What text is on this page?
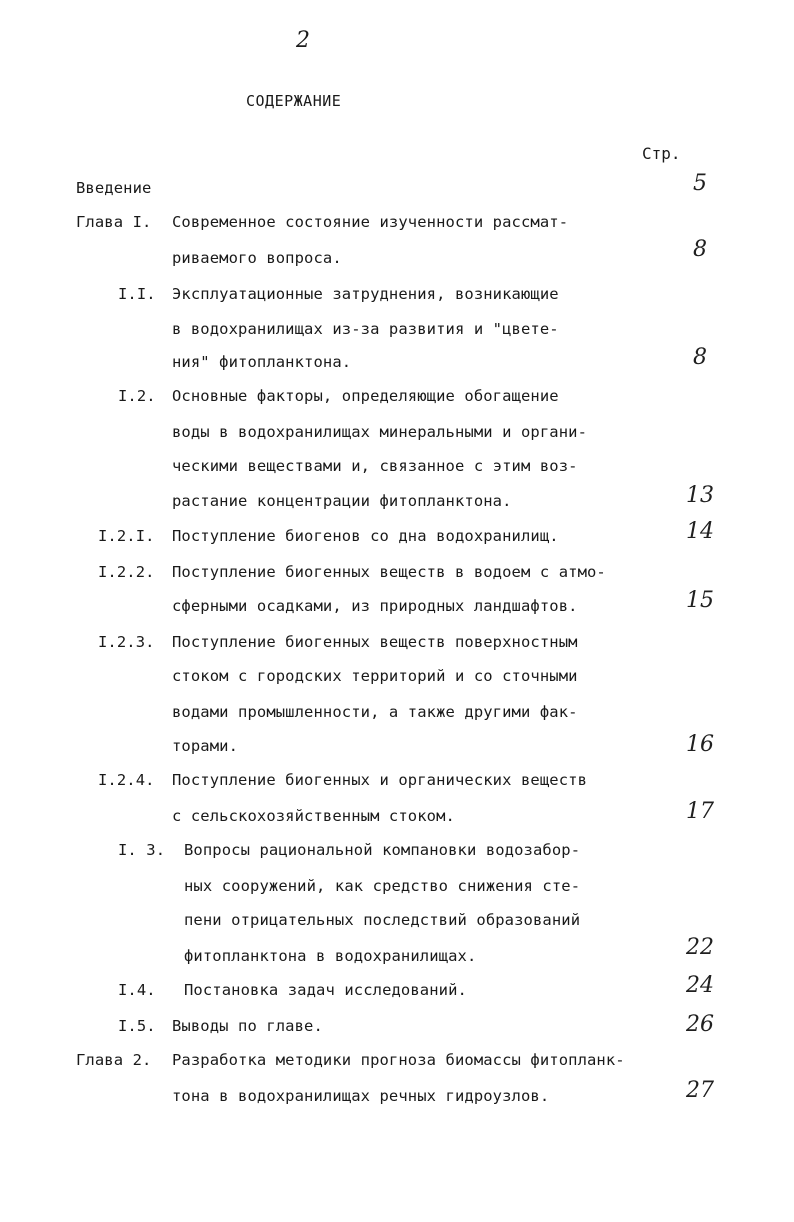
2
СОДЕРЖАНИЕ
Стр.
Введение	5
Глава I. Современное состояние изученности рассмат-
риваемого вопроса.	8
I.I. Эксплуатационные затруднения, возникающие
в водохранилищах из-за развития и "цвете-
ния" фитопланктона.	8
I.2. Основные факторы, определяющие обогащение
воды в водохранилищах минеральными и органи-
ческими веществами и, связанное с этим воз-
растание концентрации фитопланктона.	13
I.2.I. Поступление биогенов со дна водохранилищ.	14
I.2.2. Поступление биогенных веществ в водоем с атмо-
сферными осадками, из природных ландшафтов.	15
I.2.3. Поступление биогенных веществ поверхностным
стоком с городских территорий и со сточными
водами промышленности, а также другими фак-
торами.	16
I.2.4. Поступление биогенных и органических веществ
с сельскохозяйственным стоком.	17
I. 3. Вопросы рациональной компановки водозабор-
ных сооружений, как средство снижения сте-
пени отрицательных последствий образований
фитопланктона в водохранилищах.	22
I.4. Постановка задач исследований.	24
I.5. Выводы по главе.	26
Глава 2. Разработка методики прогноза биомассы фитопланк-
тона в водохранилищах речных гидроузлов.	27
